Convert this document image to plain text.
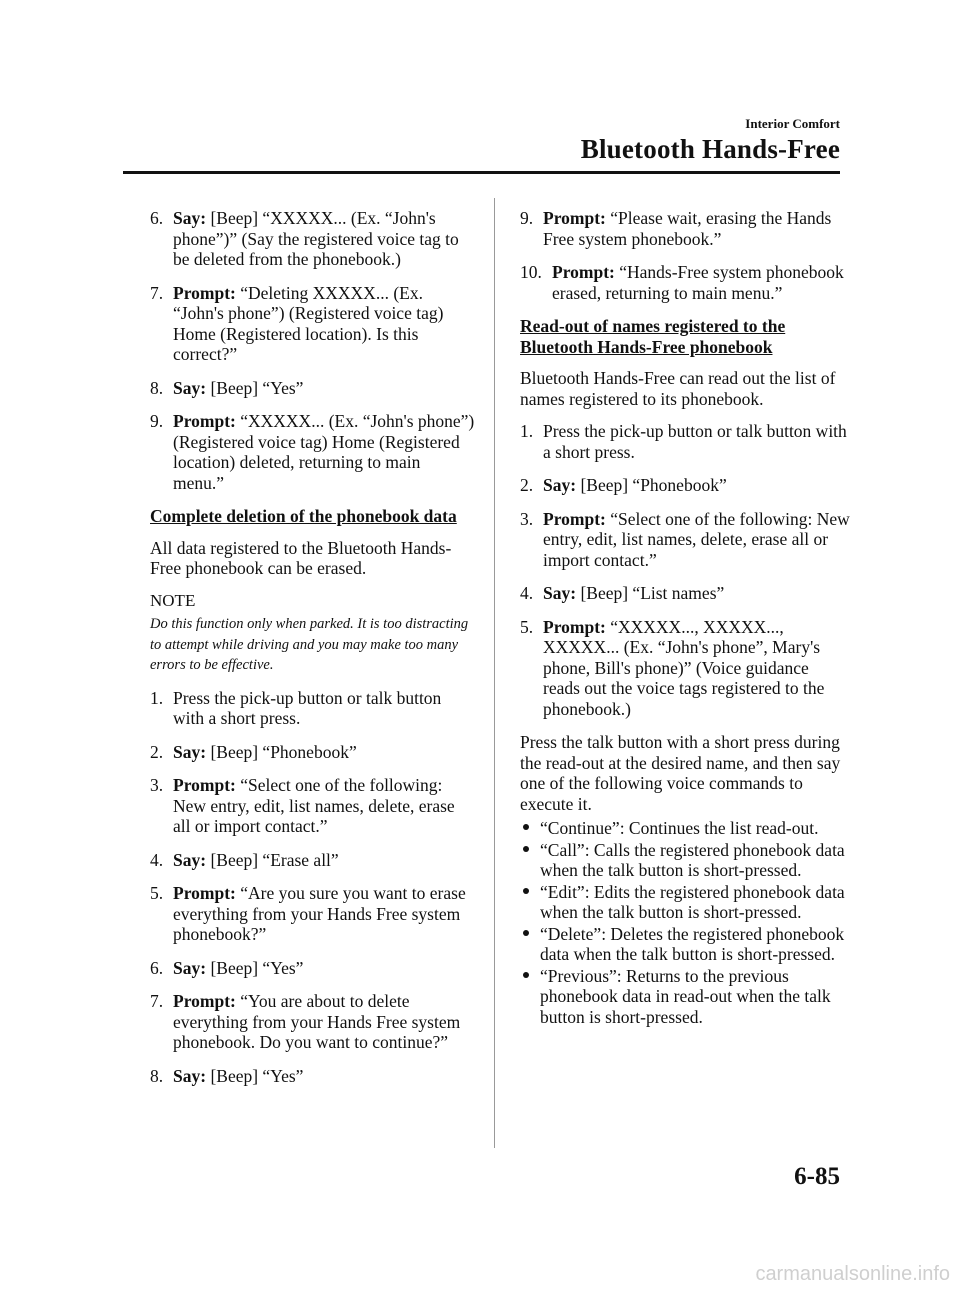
Interior Comfort
Bluetooth Hands-Free
6. Say: [Beep] “XXXXX... (Ex. “John's phone”)” (Say the registered voice tag to be deleted from the phonebook.)
7. Prompt: “Deleting XXXXX... (Ex. “John's phone”) (Registered voice tag) Home (Registered location). Is this correct?”
8. Say: [Beep] “Yes”
9. Prompt: “XXXXX... (Ex. “John's phone”) (Registered voice tag) Home (Registered location) deleted, returning to main menu.”
Complete deletion of the phonebook data
All data registered to the Bluetooth Hands-Free phonebook can be erased.
NOTE
Do this function only when parked. It is too distracting to attempt while driving and you may make too many errors to be effective.
1. Press the pick-up button or talk button with a short press.
2. Say: [Beep] “Phonebook”
3. Prompt: “Select one of the following: New entry, edit, list names, delete, erase all or import contact.”
4. Say: [Beep] “Erase all”
5. Prompt: “Are you sure you want to erase everything from your Hands Free system phonebook?”
6. Say: [Beep] “Yes”
7. Prompt: “You are about to delete everything from your Hands Free system phonebook. Do you want to continue?”
8. Say: [Beep] “Yes”
9. Prompt: “Please wait, erasing the Hands Free system phonebook.”
10. Prompt: “Hands-Free system phonebook erased, returning to main menu.”
Read-out of names registered to the Bluetooth Hands-Free phonebook
Bluetooth Hands-Free can read out the list of names registered to its phonebook.
1. Press the pick-up button or talk button with a short press.
2. Say: [Beep] “Phonebook”
3. Prompt: “Select one of the following: New entry, edit, list names, delete, erase all or import contact.”
4. Say: [Beep] “List names”
5. Prompt: “XXXXX..., XXXXX..., XXXXX... (Ex. “John's phone”, Mary's phone, Bill's phone)” (Voice guidance reads out the voice tags registered to the phonebook.)
Press the talk button with a short press during the read-out at the desired name, and then say one of the following voice commands to execute it.
“Continue”: Continues the list read-out.
“Call”: Calls the registered phonebook data when the talk button is short-pressed.
“Edit”: Edits the registered phonebook data when the talk button is short-pressed.
“Delete”: Deletes the registered phonebook data when the talk button is short-pressed.
“Previous”: Returns to the previous phonebook data in read-out when the talk button is short-pressed.
6-85
carmanualsonline.info
